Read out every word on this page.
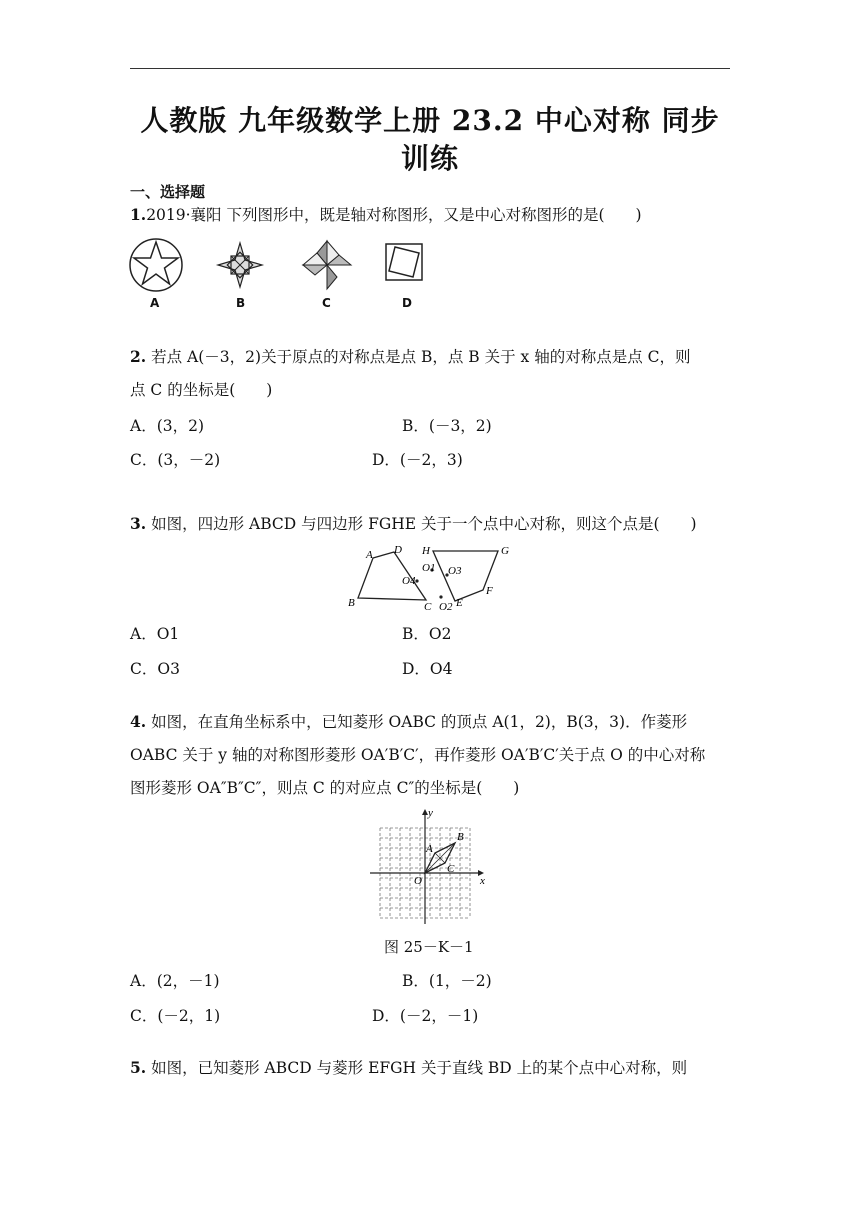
人教版 九年级数学上册 23.2 中心对称 同步训练
一、选择题
1.2019·襄阳 下列图形中，既是轴对称图形，又是中心对称图形的是(　　)
A	B	C	D
2. 若点 A(－3，2)关于原点的对称点是点 B，点 B 关于 x 轴的对称点是点 C，则
点 C 的坐标是(　　)
A．(3，2)	B．(－3，2)
C．(3，－2)	D．(－2，3)
3. 如图，四边形 ABCD 与四边形 FGHE 关于一个点中心对称，则这个点是(　　)
A D H	G
O1 O3
O4
B	C O2 E
F
A．O1	B．O2
C．O3	D．O4
4. 如图，在直角坐标系中，已知菱形 OABC 的顶点 A(1，2)，B(3，3)．作菱形
OABC 关于 y 轴的对称图形菱形 OA′B′C′，再作菱形 OA′B′C′关于点 O 的中心对称
图形菱形 OA″B″C″，则点 C 的对应点 C″的坐标是(　　)
y
x
O
A
B
C
图 25－K－1
A．(2，－1)	B．(1，－2)
C．(－2，1)	D．(－2，－1)
5. 如图，已知菱形 ABCD 与菱形 EFGH 关于直线 BD 上的某个点中心对称，则
